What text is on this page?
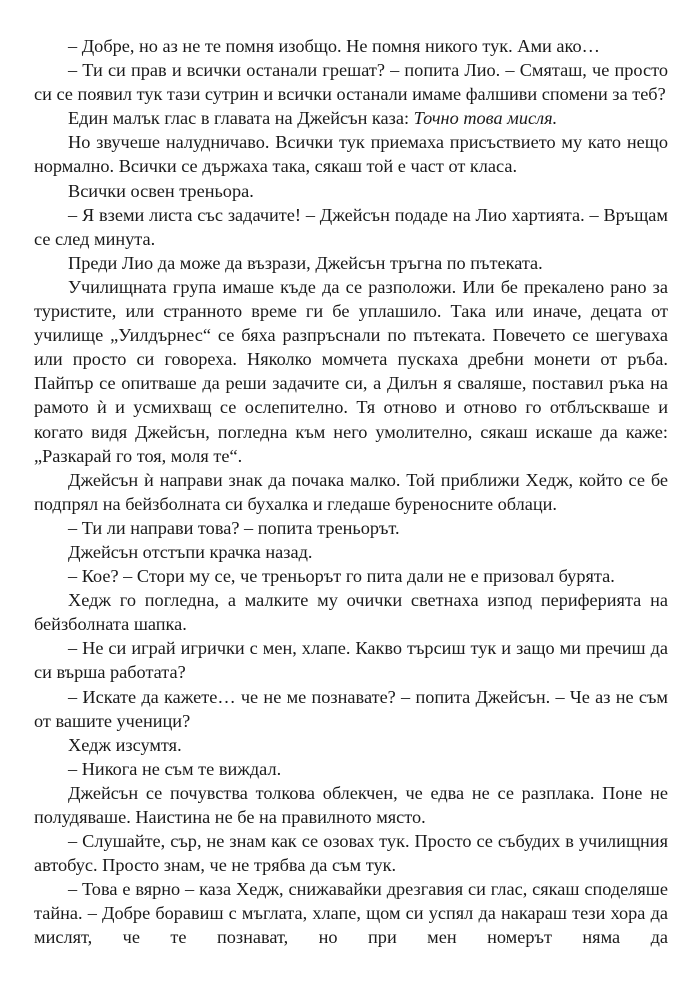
– Добре, но аз не те помня изобщо. Не помня никого тук. Ами ако…

– Ти си прав и всички останали грешат? – попита Лио. – Смяташ, че просто си се появил тук тази сутрин и всички останали имаме фалшиви спомени за теб?

Един малък глас в главата на Джейсън каза: Точно това мисля.

Но звучеше налудничаво. Всички тук приемаха присъствието му като нещо нормално. Всички се държаха така, сякаш той е част от класа.

Всички освен треньора.

– Я вземи листа със задачите! – Джейсън подаде на Лио хартията. – Връщам се след минута.

Преди Лио да може да възрази, Джейсън тръгна по пътеката.

Училищната група имаше къде да се разположи. Или бе прекалено рано за туристите, или странното време ги бе уплашило. Така или иначе, децата от училище „Уилдърнес“ се бяха разпръснали по пътеката. Повечето се шегуваха или просто си говореха. Няколко момчета пускаха дребни монети от ръба. Пайпър се опитваше да реши задачите си, а Дилън я сваляше, поставил ръка на рамото ѝ и усмихващ се ослепително. Тя отново и отново го отблъскваше и когато видя Джейсън, погледна към него умолително, сякаш искаше да каже: „Разкарай го тоя, моля те“.

Джейсън ѝ направи знак да почака малко. Той приближи Хедж, който се бе подпрял на бейзболната си бухалка и гледаше буреносните облаци.

– Ти ли направи това? – попита треньорът.

Джейсън отстъпи крачка назад.

– Кое? – Стори му се, че треньорът го пита дали не е призовал бурята.

Хедж го погледна, а малките му очички светнаха изпод периферията на бейзболната шапка.

– Не си играй игрички с мен, хлапе. Какво търсиш тук и защо ми пречиш да си върша работата?

– Искате да кажете… че не ме познавате? – попита Джейсън. – Че аз не съм от вашите ученици?

Хедж изсумтя.

– Никога не съм те виждал.

Джейсън се почувства толкова облекчен, че едва не се разплака. Поне не полудяваше. Наистина не бе на правилното място.

– Слушайте, сър, не знам как се озовах тук. Просто се събудих в училищния автобус. Просто знам, че не трябва да съм тук.

– Това е вярно – каза Хедж, снижавайки дрезгавия си глас, сякаш споделяше тайна. – Добре боравиш с мъглата, хлапе, щом си успял да накараш тези хора да мислят, че те познават, но при мен номерът няма да
